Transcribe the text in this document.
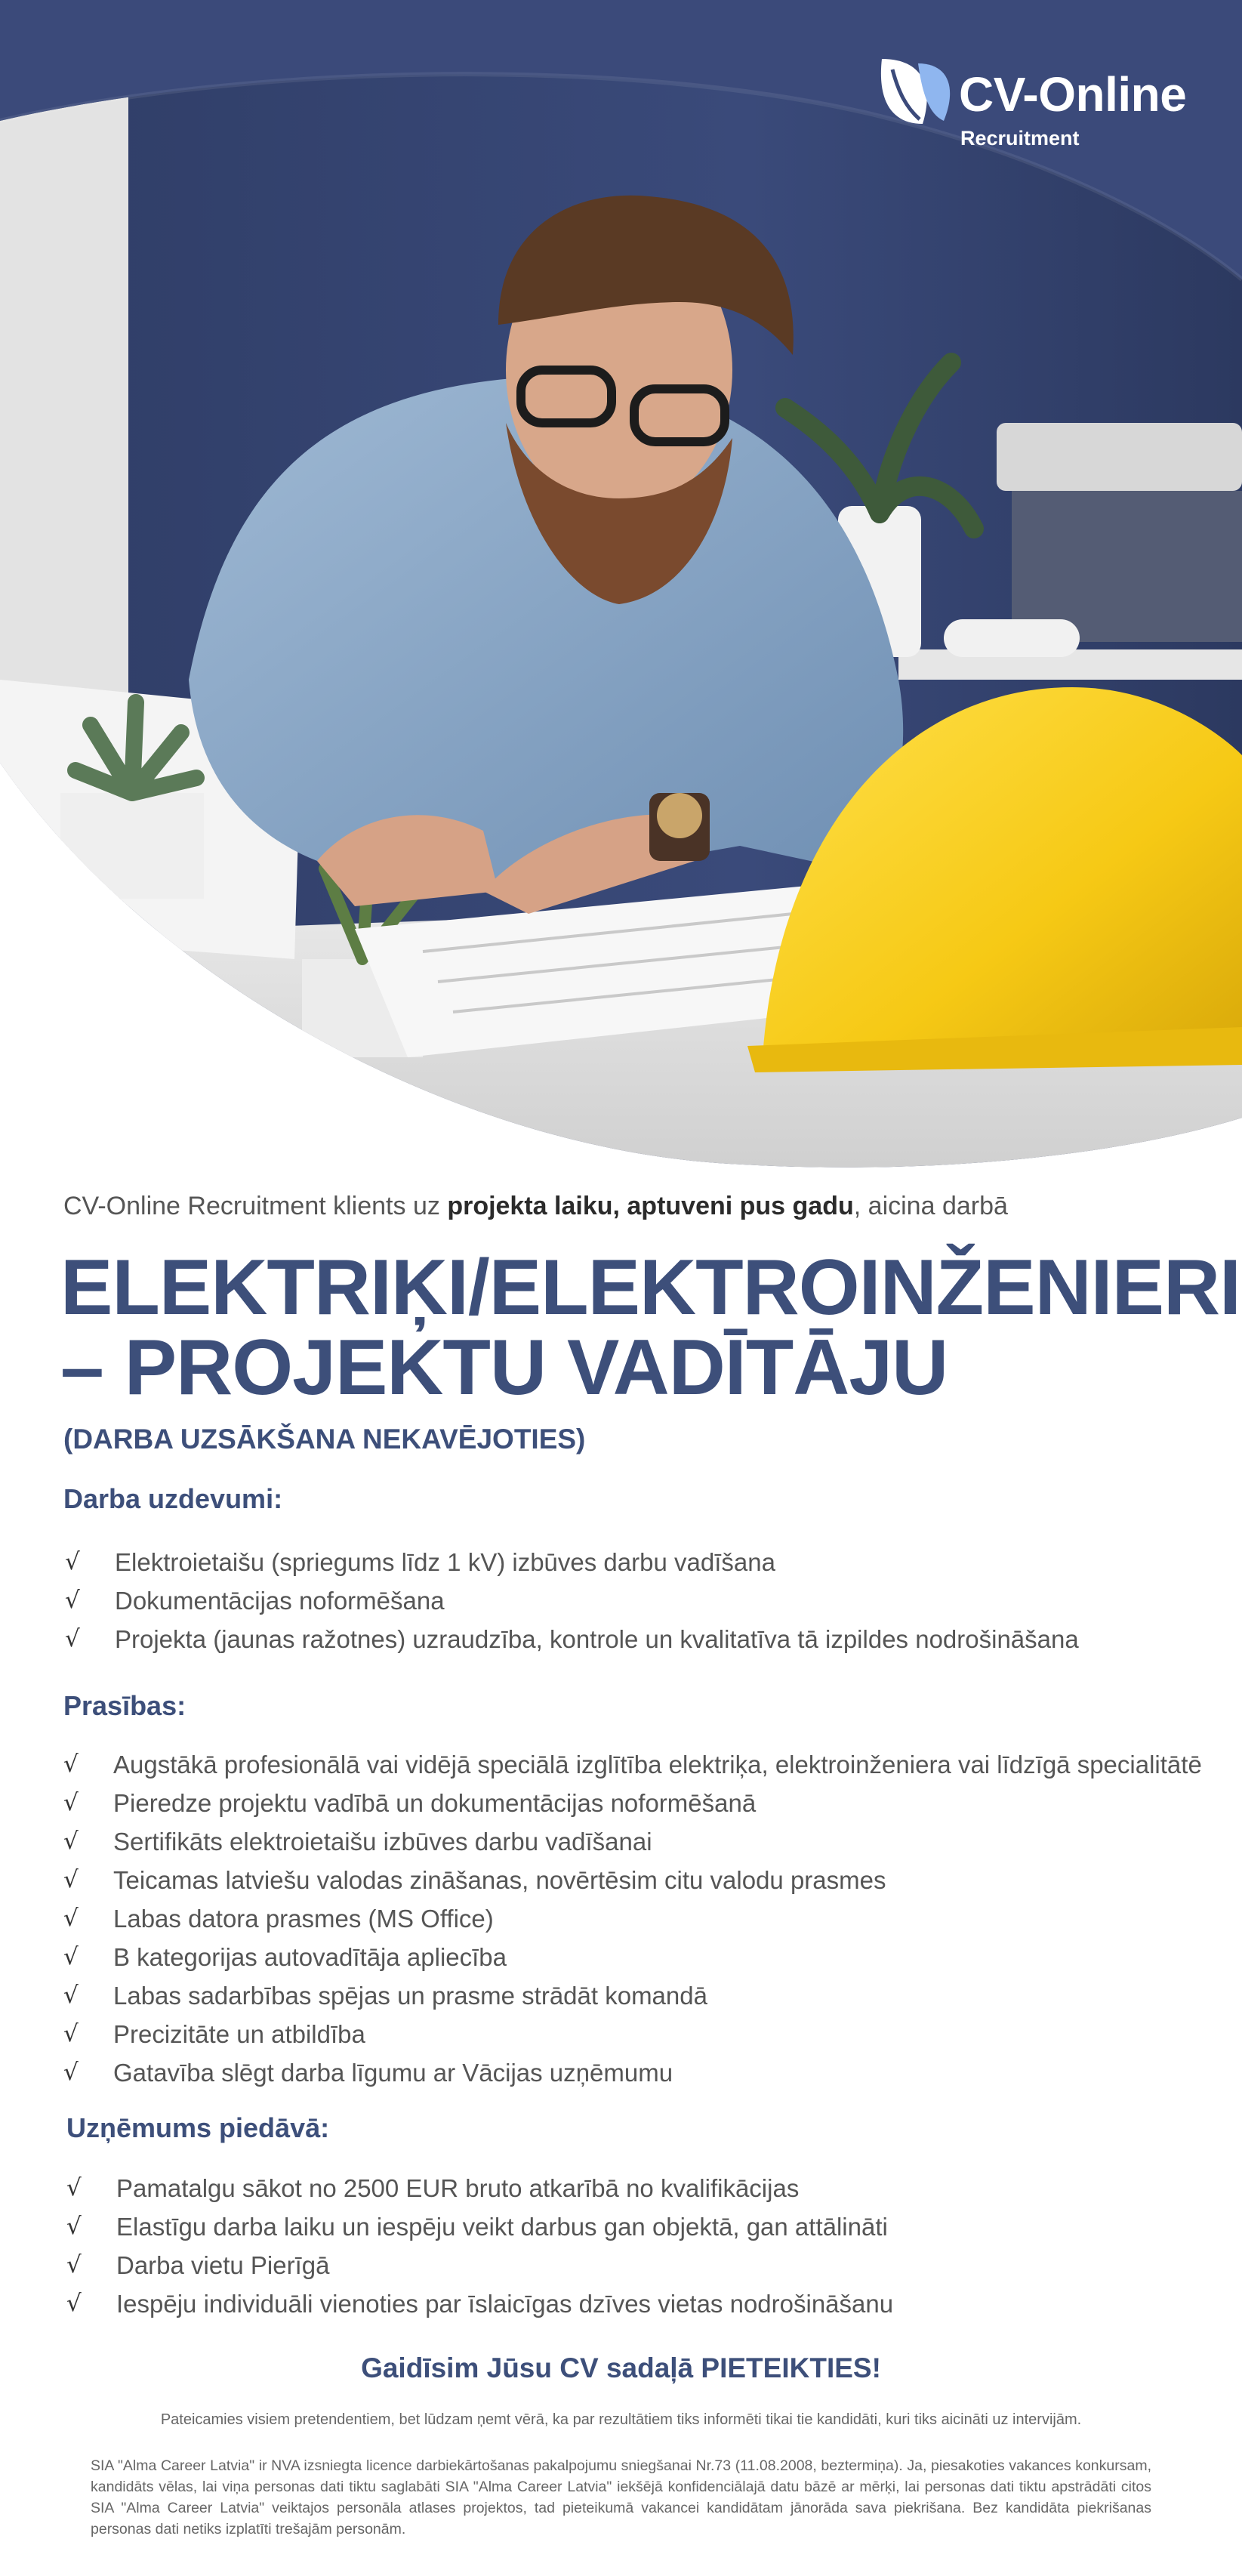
CV-Online
Recruitment
CV-Online Recruitment klients uz projekta laiku, aptuveni pus gadu, aicina darbā
ELEKTRIĶI/ELEKTROINŽENIERI
– PROJEKTU VADĪTĀJU
(DARBA UZSĀKŠANA NEKAVĒJOTIES)
Darba uzdevumi:
√ Elektroietaišu (spriegums līdz 1 kV) izbūves darbu vadīšana
√ Dokumentācijas noformēšana
√ Projekta (jaunas ražotnes) uzraudzība, kontrole un kvalitatīva tā izpildes nodrošināšana
Prasības:
√ Augstākā profesionālā vai vidējā speciālā izglītība elektriķa, elektroinženiera vai līdzīgā specialitātē
√ Pieredze projektu vadībā un dokumentācijas noformēšanā
√ Sertifikāts elektroietaišu izbūves darbu vadīšanai
√ Teicamas latviešu valodas zināšanas, novērtēsim citu valodu prasmes
√ Labas datora prasmes (MS Office)
√ B kategorijas autovadītāja apliecība
√ Labas sadarbības spējas un prasme strādāt komandā
√ Precizitāte un atbildība
√ Gatavība slēgt darba līgumu ar Vācijas uzņēmumu
Uzņēmums piedāvā:
√ Pamatalgu sākot no 2500 EUR bruto atkarībā no kvalifikācijas
√ Elastīgu darba laiku un iespēju veikt darbus gan objektā, gan attālināti
√ Darba vietu Pierīgā
√ Iespēju individuāli vienoties par īslaicīgas dzīves vietas nodrošināšanu
Gaidīsim Jūsu CV sadaļā PIETEIKTIES!
Pateicamies visiem pretendentiem, bet lūdzam ņemt vērā, ka par rezultātiem tiks informēti tikai tie kandidāti, kuri tiks aicināti uz intervijām.

SIA "Alma Career Latvia" ir NVA izsniegta licence darbiekārtošanas pakalpojumu sniegšanai Nr.73 (11.08.2008, beztermiņa). Ja, piesakoties vakances konkursam, kandidāts vēlas, lai viņa personas dati tiktu saglabāti SIA "Alma Career Latvia" iekšējā konfidenciālajā datu bāzē ar mērķi, lai personas dati tiktu apstrādāti citos SIA "Alma Career Latvia" veiktajos personāla atlases projektos, tad pieteikumā vakancei kandidātam jānorāda sava piekrišana. Bez kandidāta piekrišanas personas dati netiks izplatīti trešajām personām.
